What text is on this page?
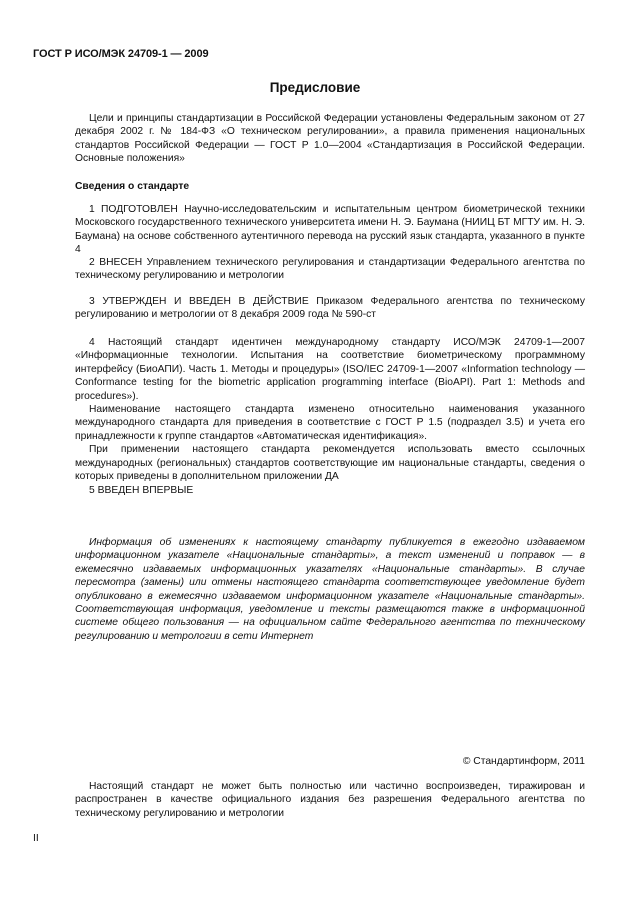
ГОСТ Р ИСО/МЭК 24709-1 — 2009
Предисловие

Цели и принципы стандартизации в Российской Федерации установлены Федеральным законом от 27 декабря 2002 г. № 184-ФЗ «О техническом регулировании», а правила применения национальных стандартов Российской Федерации — ГОСТ Р 1.0—2004 «Стандартизация в Российской Федерации. Основные положения»

Сведения о стандарте

1 ПОДГОТОВЛЕН Научно-исследовательским и испытательным центром биометрической техники Московского государственного технического университета имени Н. Э. Баумана (НИИЦ БТ МГТУ им. Н. Э. Баумана) на основе собственного аутентичного перевода на русский язык стандарта, указанного в пункте 4

2 ВНЕСЕН Управлением технического регулирования и стандартизации Федерального агентства по техническому регулированию и метрологии

3 УТВЕРЖДЕН И ВВЕДЕН В ДЕЙСТВИЕ Приказом Федерального агентства по техническому регулированию и метрологии от 8 декабря 2009 года № 590-ст

4 Настоящий стандарт идентичен международному стандарту ИСО/МЭК 24709-1—2007 «Информационные технологии. Испытания на соответствие биометрическому программному интерфейсу (БиоАПИ). Часть 1. Методы и процедуры» (ISO/IEC 24709-1—2007 «Information technology — Conformance testing for the biometric application programming interface (BioAPI). Part 1: Methods and procedures»).

Наименование настоящего стандарта изменено относительно наименования указанного международного стандарта для приведения в соответствие с ГОСТ Р 1.5 (подраздел 3.5) и учета его принадлежности к группе стандартов «Автоматическая идентификация».

При применении настоящего стандарта рекомендуется использовать вместо ссылочных международных (региональных) стандартов соответствующие им национальные стандарты, сведения о которых приведены в дополнительном приложении ДА

5 ВВЕДЕН ВПЕРВЫЕ

Информация об изменениях к настоящему стандарту публикуется в ежегодно издаваемом информационном указателе «Национальные стандарты», а текст изменений и поправок — в ежемесячно издаваемых информационных указателях «Национальные стандарты». В случае пересмотра (замены) или отмены настоящего стандарта соответствующее уведомление будет опубликовано в ежемесячно издаваемом информационном указателе «Национальные стандарты». Соответствующая информация, уведомление и тексты размещаются также в информационной системе общего пользования — на официальном сайте Федерального агентства по техническому регулированию и метрологии в сети Интернет

© Стандартинформ, 2011

Настоящий стандарт не может быть полностью или частично воспроизведен, тиражирован и распространен в качестве официального издания без разрешения Федерального агентства по техническому регулированию и метрологии

II
